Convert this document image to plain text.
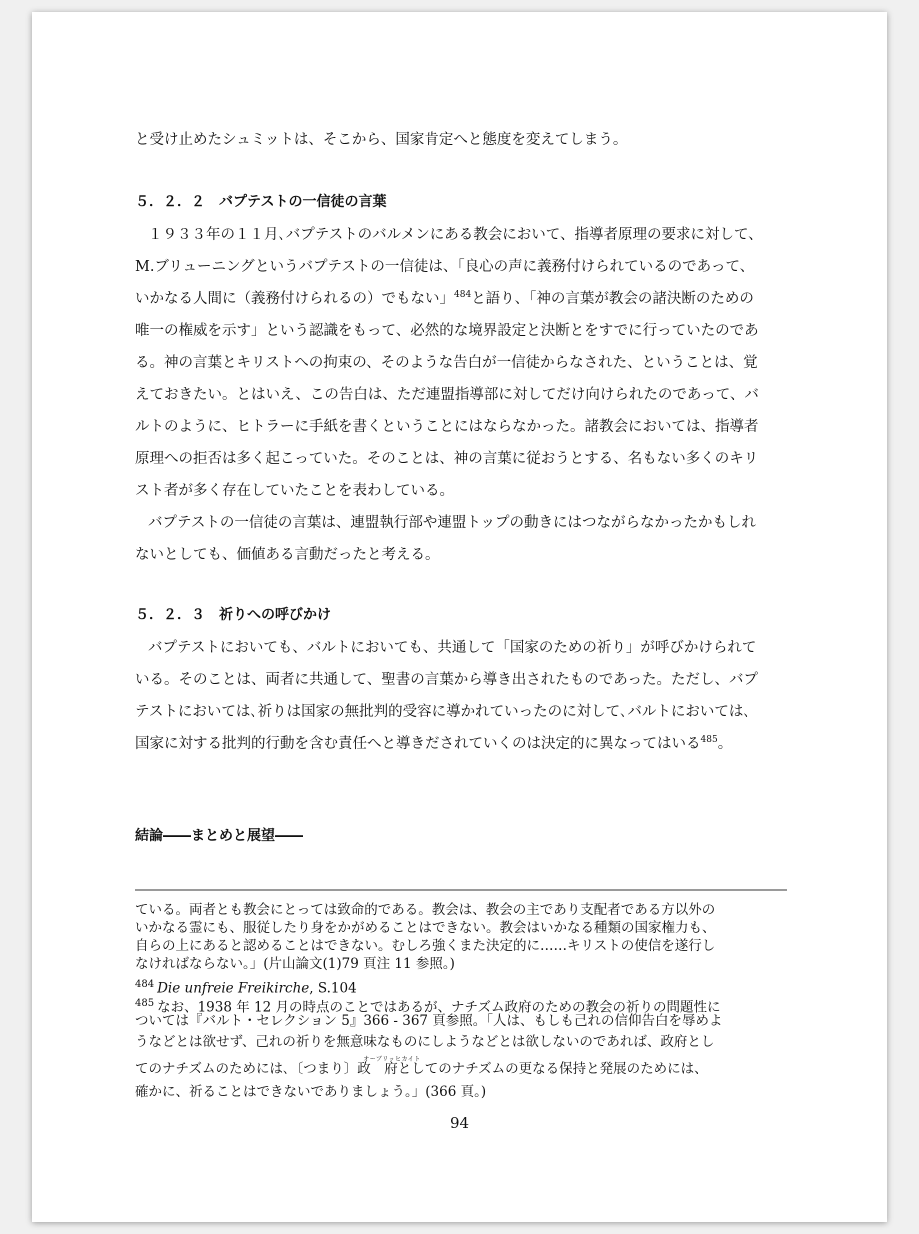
と受け止めたシュミットは、そこから、国家肯定へと態度を変えてしまう。
５．２．２　バプテストの一信徒の言葉
１９３３年の１１月､バプテストのバルメンにある教会において、指導者原理の要求に対して、
M.ブリューニングというバプテストの一信徒は、「良心の声に義務付けられているのであって、
いかなる人間に（義務付けられるの）でもない」$^{484}$と語り、「神の言葉が教会の諸決断のための
唯一の権威を示す」という認識をもって、必然的な境界設定と決断とをすでに行っていたのであ
る。神の言葉とキリストへの拘束の、そのような告白が一信徒からなされた、ということは、覚
えておきたい。とはいえ、この告白は、ただ連盟指導部に対してだけ向けられたのであって、バ
ルトのように、ヒトラーに手紙を書くということにはならなかった。諸教会においては、指導者
原理への拒否は多く起こっていた。そのことは、神の言葉に従おうとする、名もない多くのキリ
スト者が多く存在していたことを表わしている。
バプテストの一信徒の言葉は、連盟執行部や連盟トップの動きにはつながらなかったかもしれ
ないとしても、価値ある言動だったと考える。
５．２．３　祈りへの呼びかけ
バプテストにおいても、バルトにおいても、共通して「国家のための祈り」が呼びかけられて
いる。そのことは、両者に共通して、聖書の言葉から導き出されたものであった。ただし、バプ
テストにおいては､祈りは国家の無批判的受容に導かれていったのに対して､バルトにおいては､
国家に対する批判的行動を含む責任へと導きだされていくのは決定的に異なってはいる$^{485}$。
結論――まとめと展望――
ている。両者とも教会にとっては致命的である。教会は、教会の主であり支配者である方以外の
いかなる霊にも、服従したり身をかがめることはできない。教会はいかなる種類の国家権力も、
自らの上にあると認めることはできない。むしろ強くまた決定的に……キリストの使信を遂行し
なければならない。」(片山論文(1)79 頁注 11 参照。)
$^{484}$ Die unfreie Freikirche, S.104
$^{485}$ なお、1938 年 12 月の時点のことではあるが、ナチズム政府のための教会の祈りの問題性に
ついては『バルト・セレクション 5』366 - 367 頁参照。「人は、もしも己れの信仰告白を辱めよ
うなどとは欲せず、己れの祈りを無意味なものにしようなどとは欲しないのであれば、政府とし
てのナチズムのためには､〔つまり〕
オーブリッヒカイト
政　府としてのナチズムの更なる保持と発展のためには、
確かに、祈ることはできないでありましょう。」(366 頁。)
94
